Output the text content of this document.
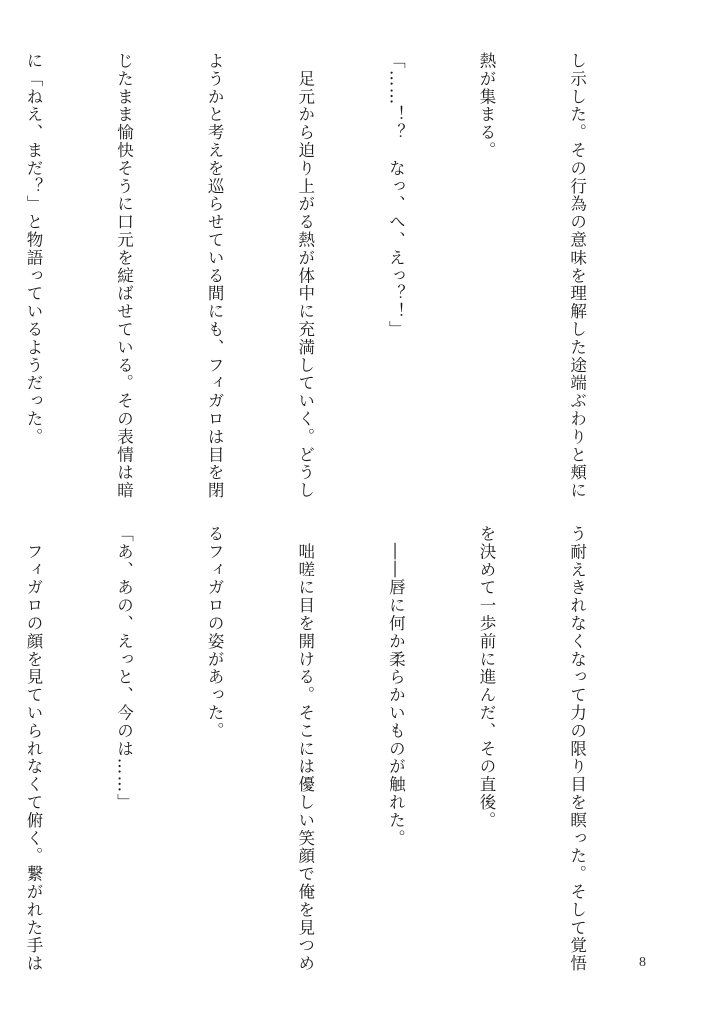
し示した。その行為の意味を理解した途端ぶわりと頬に

熱が集まる。

「……！？　なっ、へ、えっ？！」

　足元から迫り上がる熱が体中に充満していく。どうし

ようかと考えを巡らせている間にも、フィガロは目を閉

じたまま愉快そうに口元を綻ばせている。その表情は暗

に「ねえ、まだ？」と物語っているようだった。

う耐えきれなくなって力の限り目を瞑った。そして覚悟

を決めて一歩前に進んだ、その直後。

　――唇に何か柔らかいものが触れた。

　咄嗟に目を開ける。そこには優しい笑顔で俺を見つめ

るフィガロの姿があった。

「あ、あの、えっと、今のは……」

　フィガロの顔を見ていられなくて俯く。繋がれた手は

	8
